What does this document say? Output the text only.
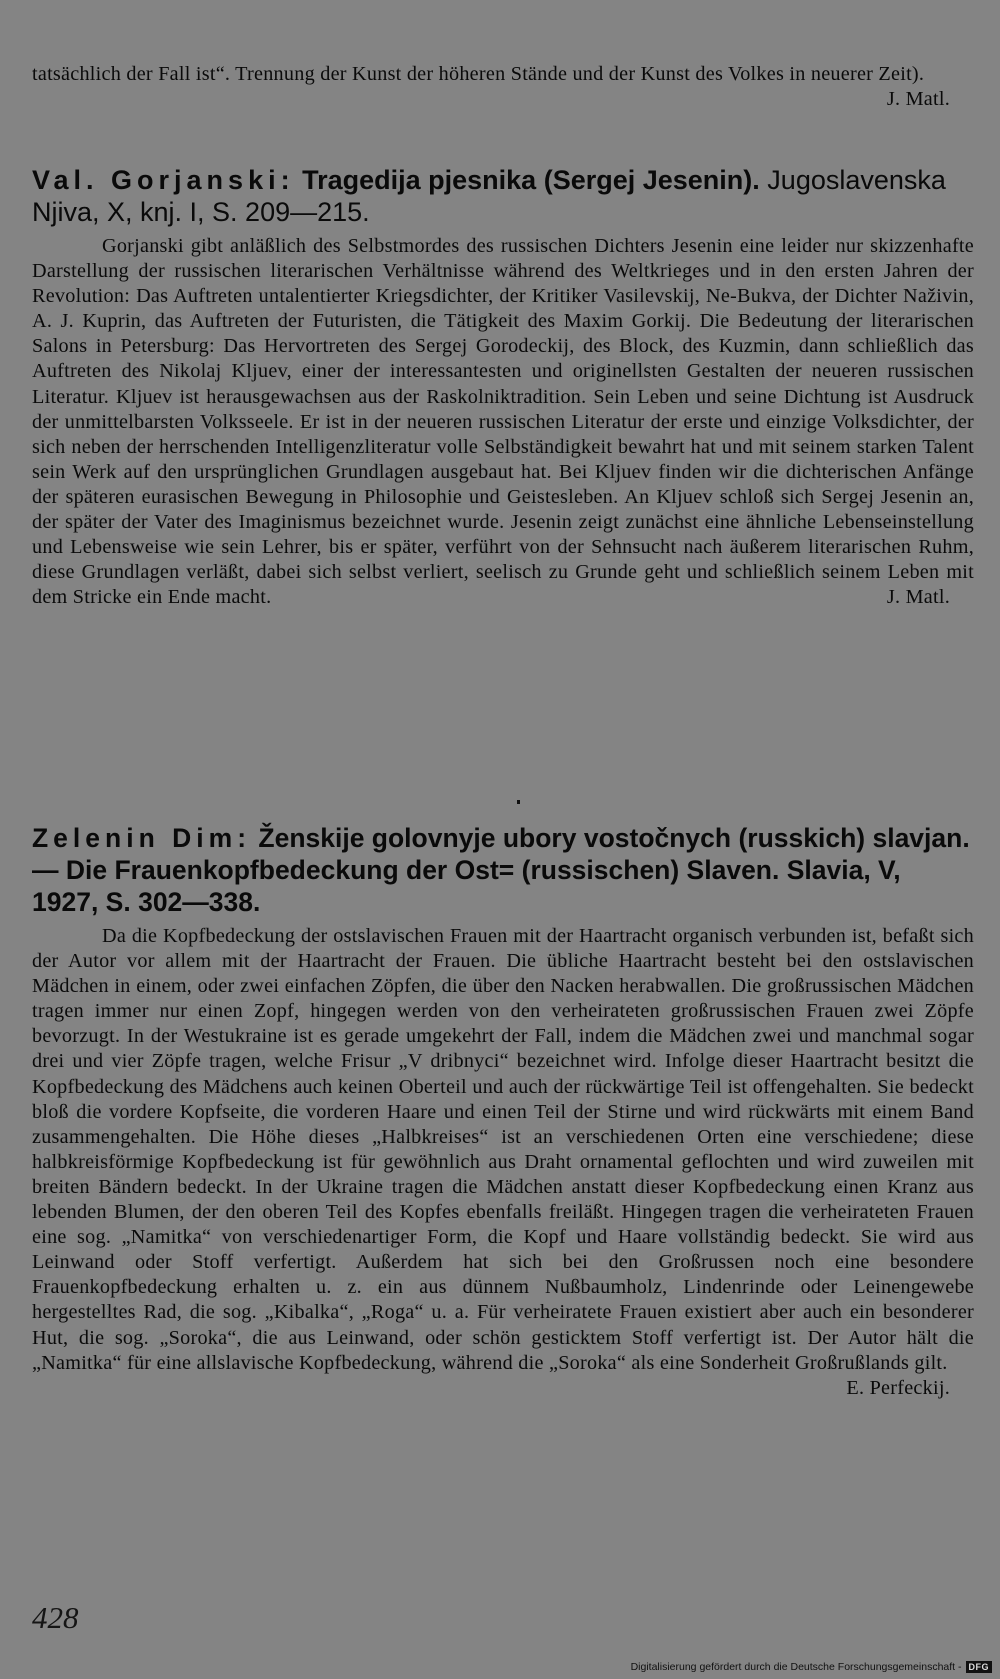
tatsächlich der Fall ist“. Trennung der Kunst der höheren Stände und der Kunst des Volkes in neuerer Zeit).
J. Matl.

Val. Gorjanski: Tragedija pjesnika (Sergej Jesenin). Jugoslavenska Njiva, X, knj. I, S. 209—215.

Gorjanski gibt anläßlich des Selbstmordes des russischen Dichters Jesenin eine leider nur skizzenhafte Darstellung der russischen literarischen Verhältnisse während des Weltkrieges und in den ersten Jahren der Revolution: Das Auftreten untalentierter Kriegsdichter, der Kritiker Vasilevskij, Ne-Bukva, der Dichter Naživin, A. J. Kuprin, das Auftreten der Futuristen, die Tätigkeit des Maxim Gorkij. Die Bedeutung der literarischen Salons in Petersburg: Das Hervortreten des Sergej Gorodeckij, des Block, des Kuzmin, dann schließlich das Auftreten des Nikolaj Kljuev, einer der interessantesten und originellsten Gestalten der neueren russischen Literatur. Kljuev ist herausgewachsen aus der Raskolniktradition. Sein Leben und seine Dichtung ist Ausdruck der unmittelbarsten Volksseele. Er ist in der neueren russischen Literatur der erste und einzige Volksdichter, der sich neben der herrschenden Intelligenzliteratur volle Selbständigkeit bewahrt hat und mit seinem starken Talent sein Werk auf den ursprünglichen Grundlagen ausgebaut hat. Bei Kljuev finden wir die dichterischen Anfänge der späteren eurasischen Bewegung in Philosophie und Geistesleben. An Kljuev schloß sich Sergej Jesenin an, der später der Vater des Imaginismus bezeichnet wurde. Jesenin zeigt zunächst eine ähnliche Lebenseinstellung und Lebensweise wie sein Lehrer, bis er später, verführt von der Sehnsucht nach äußerem literarischen Ruhm, diese Grundlagen verläßt, dabei sich selbst verliert, seelisch zu Grunde geht und schließlich seinem Leben mit dem Stricke ein Ende macht.	J. Matl.

Zelenin Dim: Ženskije golovnyje ubory vostočnych (russkich) slavjan. — Die Frauenkopfbedeckung der Ost= (russischen) Slaven. Slavia, V, 1927, S. 302—338.

Da die Kopfbedeckung der ostslavischen Frauen mit der Haartracht organisch verbunden ist, befaßt sich der Autor vor allem mit der Haartracht der Frauen. Die übliche Haartracht besteht bei den ostslavischen Mädchen in einem, oder zwei einfachen Zöpfen, die über den Nacken herabwallen. Die großrussischen Mädchen tragen immer nur einen Zopf, hingegen werden von den verheirateten großrussischen Frauen zwei Zöpfe bevorzugt. In der Westukraine ist es gerade umgekehrt der Fall, indem die Mädchen zwei und manchmal sogar drei und vier Zöpfe tragen, welche Frisur „V dribnyci“ bezeichnet wird. Infolge dieser Haartracht besitzt die Kopfbedeckung des Mädchens auch keinen Oberteil und auch der rückwärtige Teil ist offengehalten. Sie bedeckt bloß die vordere Kopfseite, die vorderen Haare und einen Teil der Stirne und wird rückwärts mit einem Band zusammengehalten. Die Höhe dieses „Halbkreises“ ist an verschiedenen Orten eine verschiedene; diese halbkreisförmige Kopfbedeckung ist für gewöhnlich aus Draht ornamental geflochten und wird zuweilen mit breiten Bändern bedeckt. In der Ukraine tragen die Mädchen anstatt dieser Kopfbedeckung einen Kranz aus lebenden Blumen, der den oberen Teil des Kopfes ebenfalls freiläßt. Hingegen tragen die verheirateten Frauen eine sog. „Namitka“ von verschiedenartiger Form, die Kopf und Haare vollständig bedeckt. Sie wird aus Leinwand oder Stoff verfertigt. Außerdem hat sich bei den Großrussen noch eine besondere Frauenkopfbedeckung erhalten u. z. ein aus dünnem Nußbaumholz, Lindenrinde oder Leinengewebe hergestelltes Rad, die sog. „Kibalka“, „Roga“ u. a. Für verheiratete Frauen existiert aber auch ein besonderer Hut, die sog. „Soroka“, die aus Leinwand, oder schön gesticktem Stoff verfertigt ist. Der Autor hält die „Namitka“ für eine allslavische Kopfbedeckung, während die „Soroka“ als eine Sonderheit Großrußlands gilt.
E. Perfeckij.

428
Digitalisierung gefördert durch die Deutsche Forschungsgemeinschaft - DFG
